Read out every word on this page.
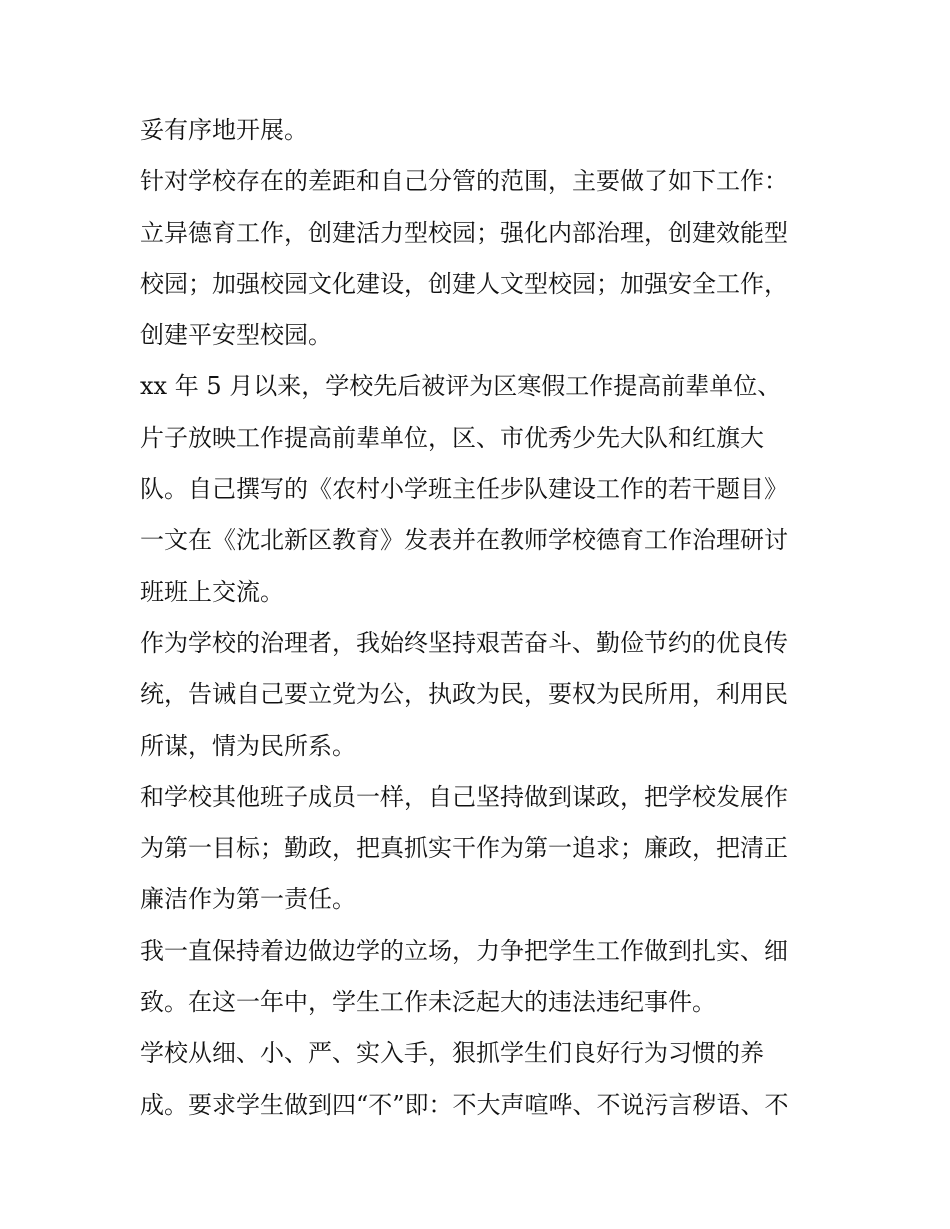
妥有序地开展。
针对学校存在的差距和自己分管的范围，主要做了如下工作：
立异德育工作，创建活力型校园；强化内部治理，创建效能型
校园；加强校园文化建设，创建人文型校园；加强安全工作，
创建平安型校园。
xx 年 5 月以来，学校先后被评为区寒假工作提高前辈单位、
片子放映工作提高前辈单位，区、市优秀少先大队和红旗大
队。自己撰写的《农村小学班主任步队建设工作的若干题目》
一文在《沈北新区教育》发表并在教师学校德育工作治理研讨
班班上交流。
作为学校的治理者，我始终坚持艰苦奋斗、勤俭节约的优良传
统，告诫自己要立党为公，执政为民，要权为民所用，利用民
所谋，情为民所系。
和学校其他班子成员一样，自己坚持做到谋政，把学校发展作
为第一目标；勤政，把真抓实干作为第一追求；廉政，把清正
廉洁作为第一责任。
我一直保持着边做边学的立场，力争把学生工作做到扎实、细
致。在这一年中，学生工作未泛起大的违法违纪事件。
学校从细、小、严、实入手，狠抓学生们良好行为习惯的养
成。要求学生做到四“不”即：不大声喧哗、不说污言秽语、不
